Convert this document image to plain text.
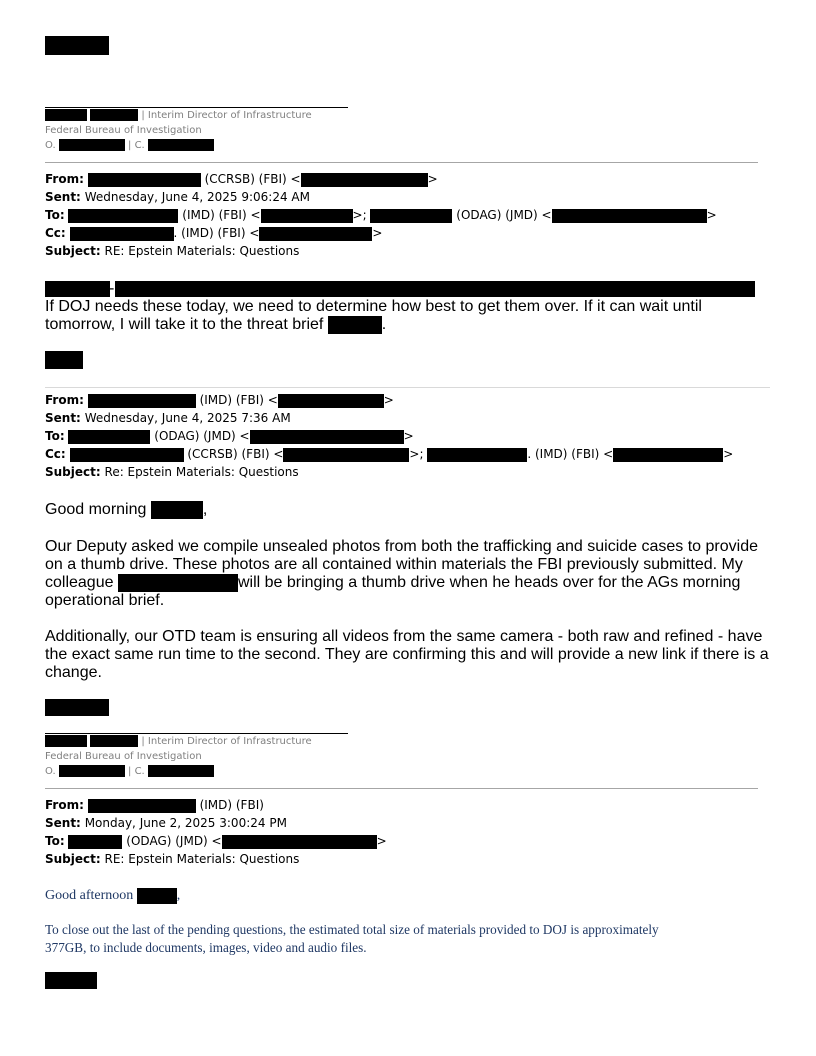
| Interim Director of Infrastructure
Federal Bureau of Investigation
O.	| C.
From:	(CCRSB) (FBI) <	>
Sent: Wednesday, June 4, 2025 9:06:24 AM
To:	(IMD) (FBI) <	>;	(ODAG) (JMD) <	>
Cc:	. (IMD) (FBI) <	>
Subject: RE: Epstein Materials: Questions
-
If DOJ needs these today, we need to determine how best to get them over. If it can wait until
tomorrow, I will take it to the threat brief	.
From:	(IMD) (FBI) <	>
Sent: Wednesday, June 4, 2025 7:36 AM
To:	(ODAG) (JMD) <	>
Cc:	(CCRSB) (FBI) <	>;	. (IMD) (FBI) <	>
Subject: Re: Epstein Materials: Questions
Good morning	,
Our Deputy asked we compile unsealed photos from both the trafficking and suicide cases to provide
on a thumb drive. These photos are all contained within materials the FBI previously submitted. My
colleague	will be bringing a thumb drive when he heads over for the AGs morning
operational brief.
Additionally, our OTD team is ensuring all videos from the same camera - both raw and refined - have
the exact same run time to the second. They are confirming this and will provide a new link if there is a
change.
| Interim Director of Infrastructure
Federal Bureau of Investigation
O.	| C.
From:	(IMD) (FBI)
Sent: Monday, June 2, 2025 3:00:24 PM
To:	(ODAG) (JMD) <	>
Subject: RE: Epstein Materials: Questions
Good afternoon	,
To close out the last of the pending questions, the estimated total size of materials provided to DOJ is approximately
377GB, to include documents, images, video and audio files.
